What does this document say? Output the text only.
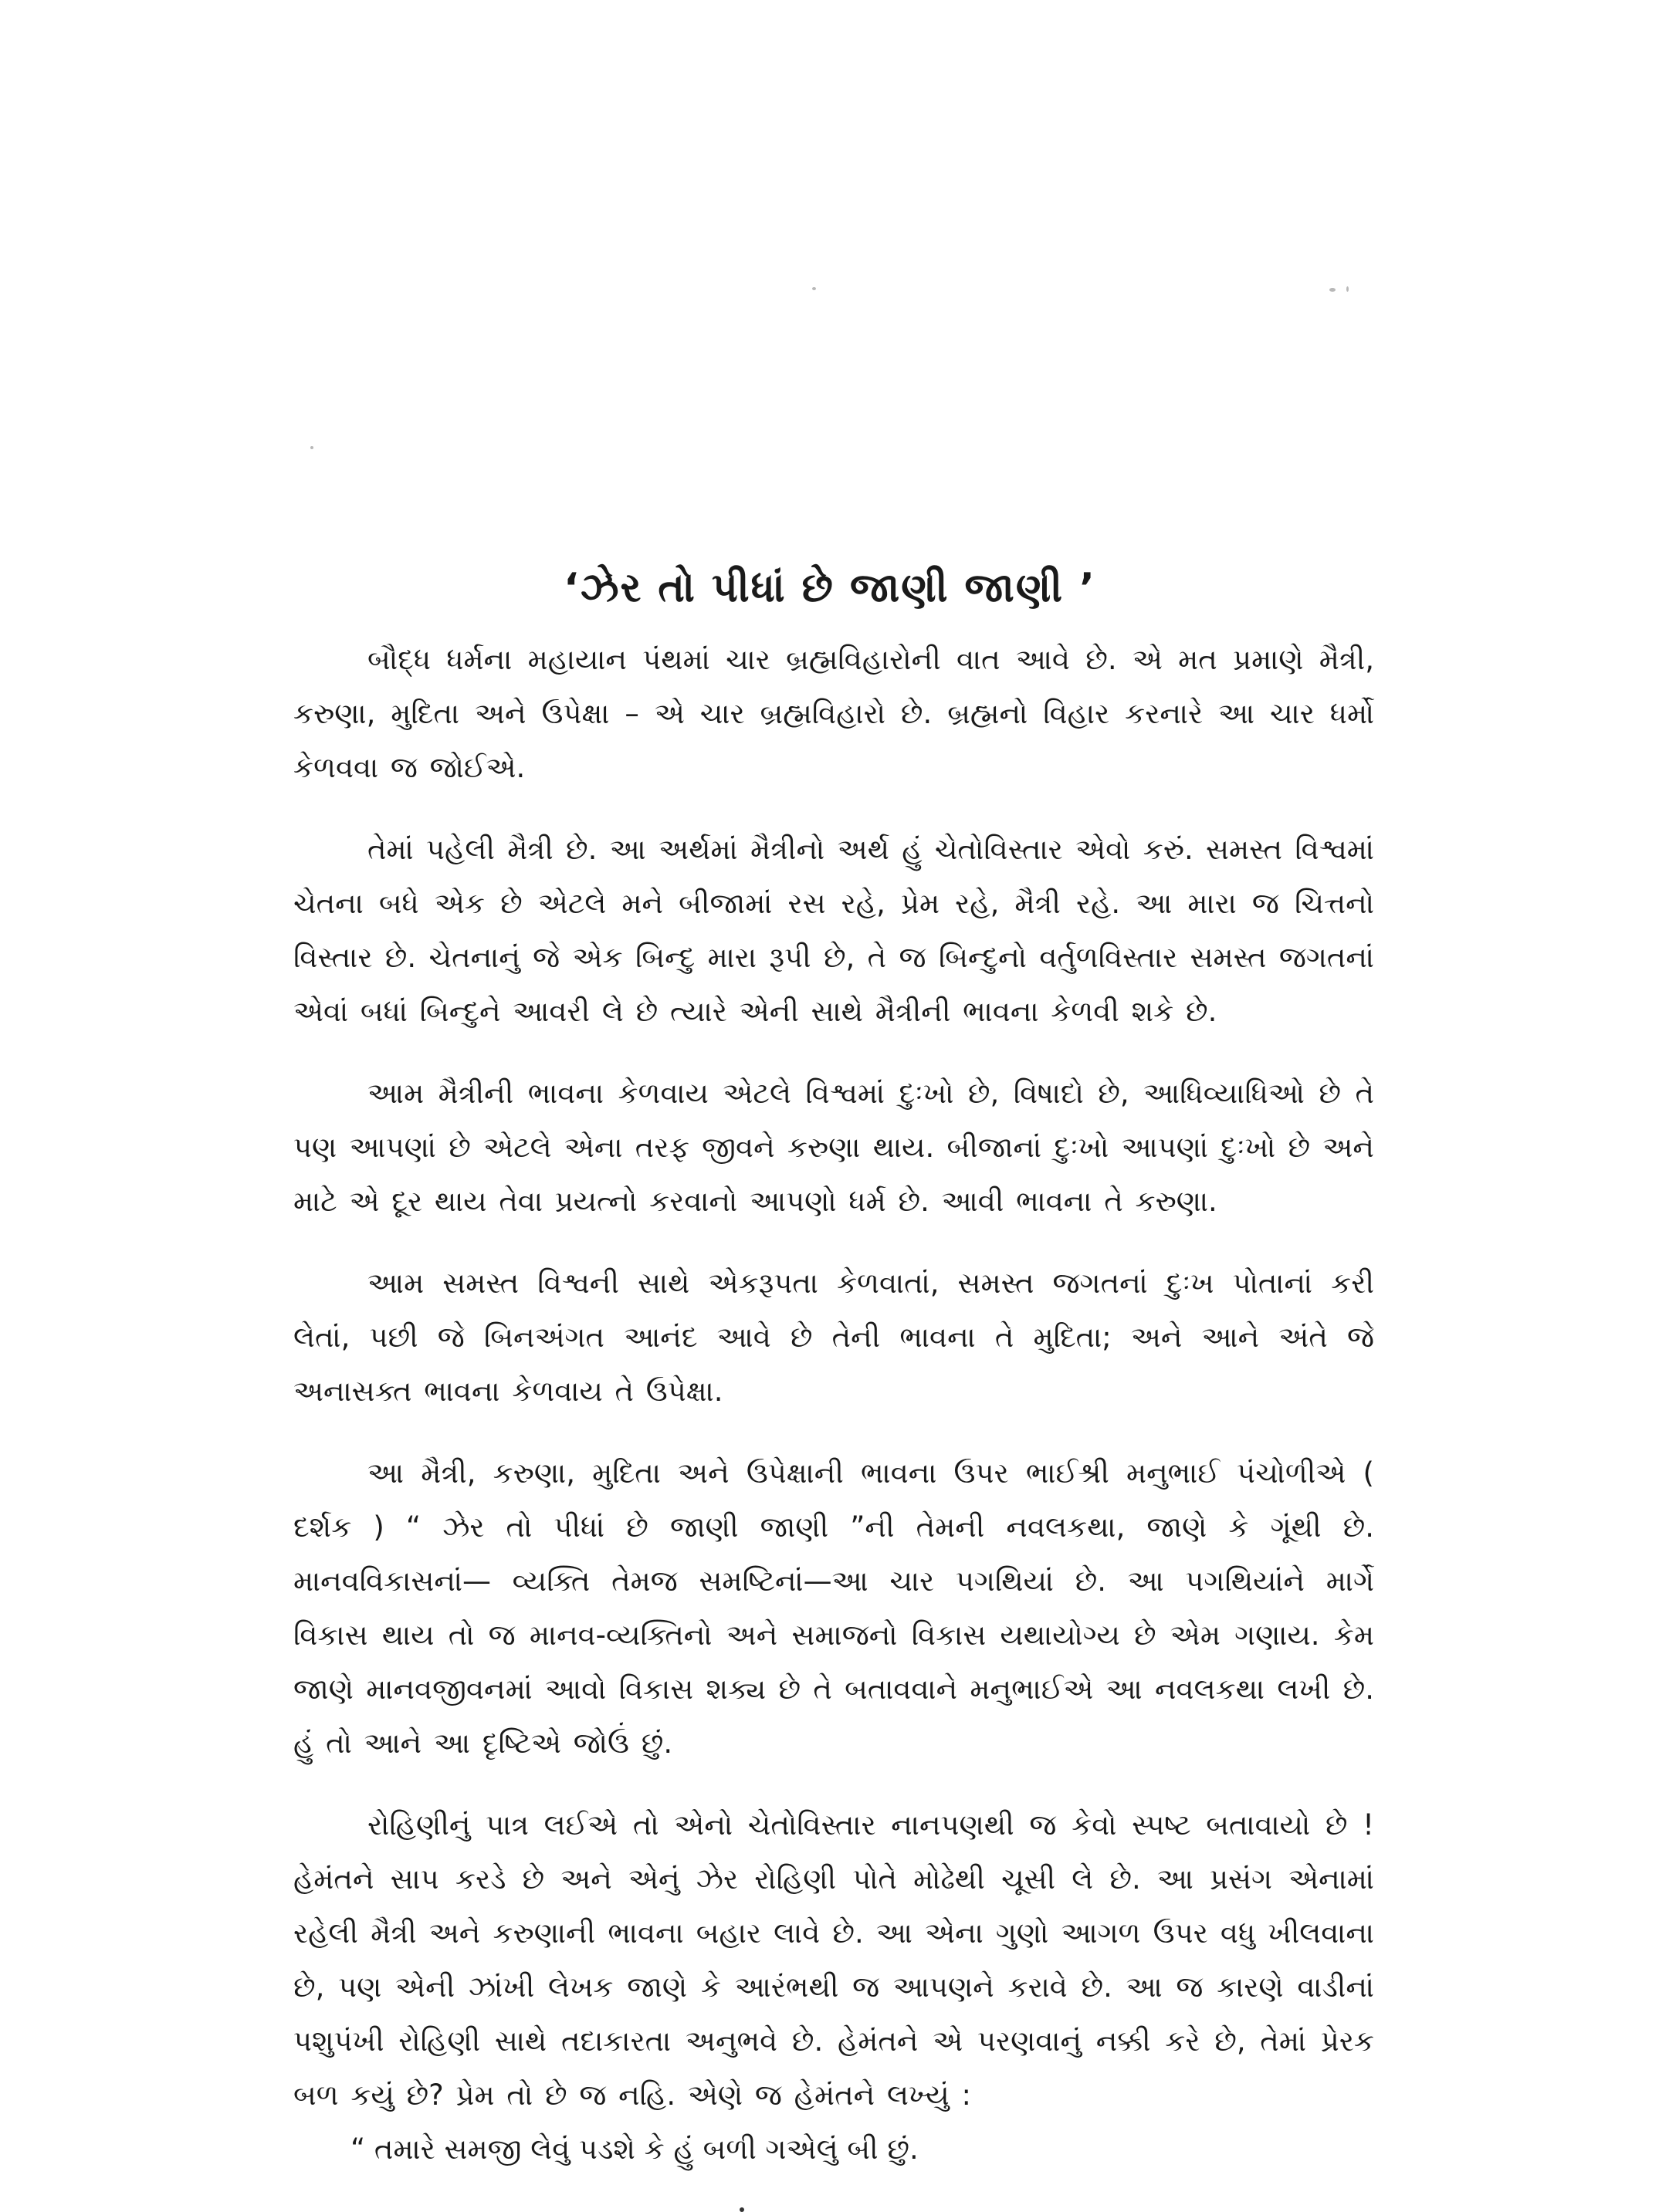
‘ઝેર તો પીધાં છે જાણી જાણી ’

બૌદ્ધ ધર્મના મહાયાન પંથમાં ચાર બ્રહ્મવિહારોની વાત આવે છે. એ મત પ્રમાણે મૈત્રી, કરુણા, મુદિતા અને ઉપેક્ષા – એ ચાર બ્રહ્મવિહારો છે. બ્રહ્મનો વિહાર કરનારે આ ચાર ધર્મો કેળવવા જ જોઈએ.

તેમાં પહેલી મૈત્રી છે. આ અર્થમાં મૈત્રીનો અર્થ હું ચેતોવિસ્તાર એવો કરું. સમસ્ત વિશ્વમાં ચેતના બધે એક છે એટલે મને બીજામાં રસ રહે, પ્રેમ રહે, મૈત્રી રહે. આ મારા જ ચિત્તનો વિસ્તાર છે. ચેતનાનું જે એક બિન્દુ મારા રૂપી છે, તે જ બિન્દુનો વર્તુળવિસ્તાર સમસ્ત જગતનાં એવાં બધાં બિન્દુને આવરી લે છે ત્યારે એની સાથે મૈત્રીની ભાવના કેળવી શકે છે.

આમ મૈત્રીની ભાવના કેળવાય એટલે વિશ્વમાં દુઃખો છે, વિષાદો છે, આધિવ્યાધિઓ છે તે પણ આપણાં છે એટલે એના તરફ જીવને કરુણા થાય. બીજાનાં દુઃખો આપણાં દુઃખો છે અને માટે એ દૂર થાય તેવા પ્રયત્નો કરવાનો આપણો ધર્મ છે. આવી ભાવના તે કરુણા.

આમ સમસ્ત વિશ્વની સાથે એકરૂપતા કેળવાતાં, સમસ્ત જગતનાં દુઃખ પોતાનાં કરી લેતાં, પછી જે બિનઅંગત આનંદ આવે છે તેની ભાવના તે મુદિતા; અને આને અંતે જે અનાસક્ત ભાવના કેળવાય તે ઉપેક્ષા.

આ મૈત્રી, કરુણા, મુદિતા અને ઉપેક્ષાની ભાવના ઉપર ભાઈશ્રી મનુભાઈ પંચોળીએ ( દર્શક ) “ ઝેર તો પીધાં છે જાણી જાણી ”ની તેમની નવલકથા, જાણે કે ગૂંથી છે. માનવવિકાસનાં— વ્યક્તિ તેમજ સમષ્ટિનાં—આ ચાર પગથિયાં છે. આ પગથિયાંને માર્ગે વિકાસ થાય તો જ માનવ-વ્યક્તિનો અને સમાજનો વિકાસ યથાયોગ્ય છે એમ ગણાય. કેમ જાણે માનવજીવનમાં આવો વિકાસ શક્ય છે તે બતાવવાને મનુભાઈએ આ નવલકથા લખી છે. હું તો આને આ દૃષ્ટિએ જોઉં છું.

રોહિણીનું પાત્ર લઈએ તો એનો ચેતોવિસ્તાર નાનપણથી જ કેવો સ્પષ્ટ બતાવાયો છે ! હેમંતને સાપ કરડે છે અને એનું ઝેર રોહિણી પોતે મોઢેથી ચૂસી લે છે. આ પ્રસંગ એનામાં રહેલી મૈત્રી અને કરુણાની ભાવના બહાર લાવે છે. આ એના ગુણો આગળ ઉપર વધુ ખીલવાના છે, પણ એની ઝાંખી લેખક જાણે કે આરંભથી જ આપણને કરાવે છે. આ જ કારણે વાડીનાં પશુપંખી રોહિણી સાથે તદાકારતા અનુભવે છે. હેમંતને એ પરણવાનું નક્કી કરે છે, તેમાં પ્રેરક બળ કયું છે? પ્રેમ તો છે જ નહિ. એણે જ હેમંતને લખ્યું :

“ તમારે સમજી લેવું પડશે કે હું બળી ગએલું બી છું.
